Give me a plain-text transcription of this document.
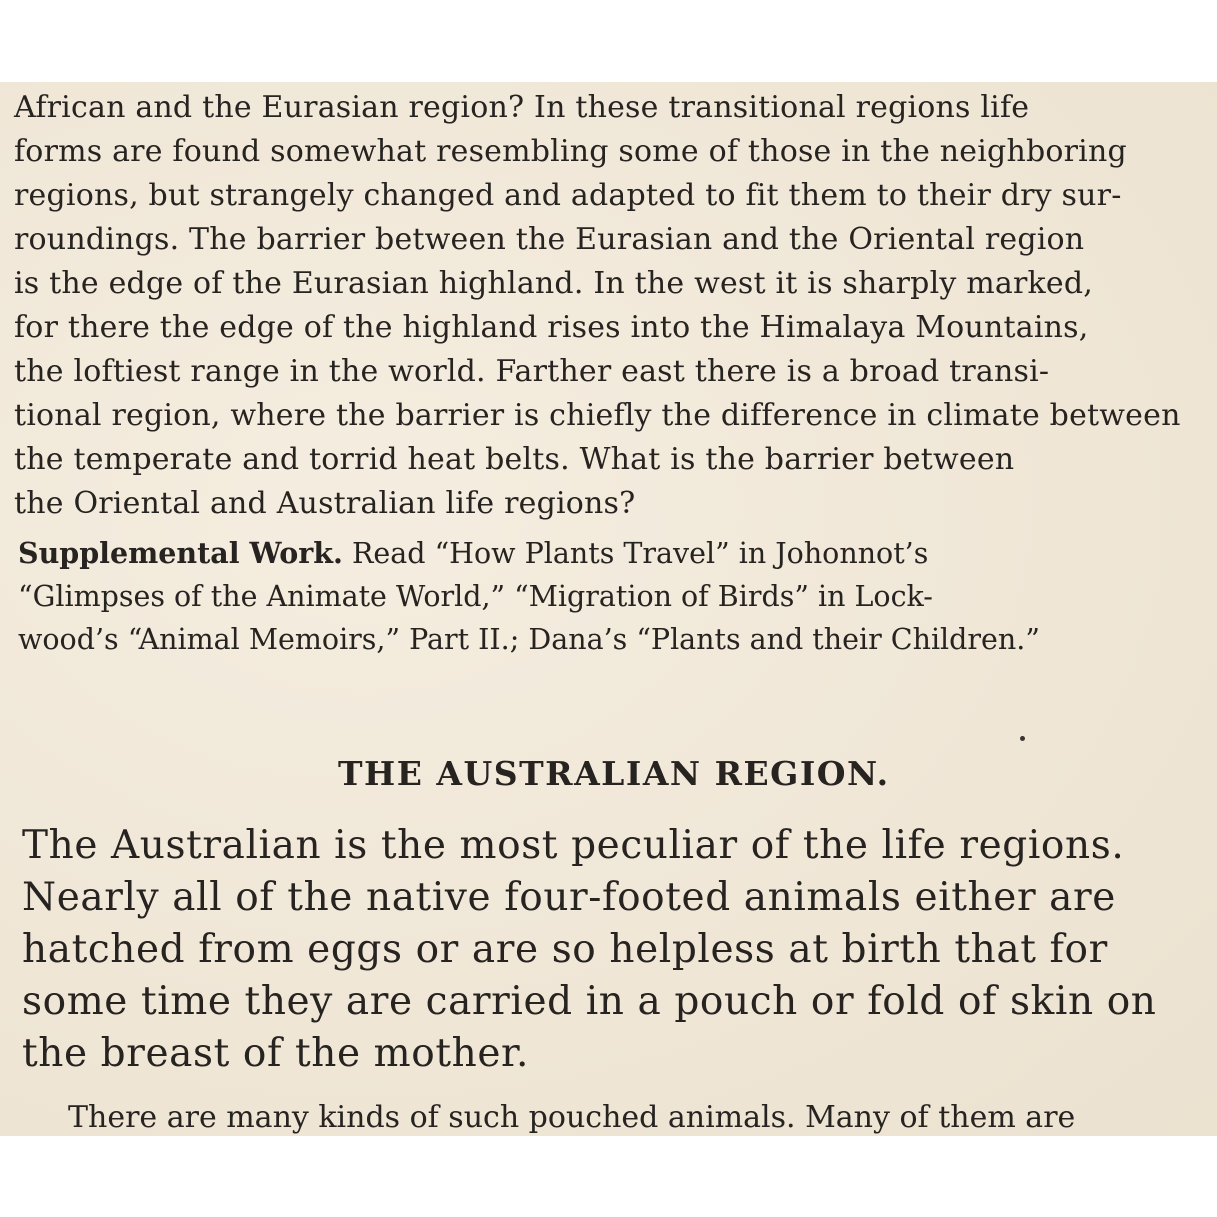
African and the Eurasian region? In these transitional regions life
forms are found somewhat resembling some of those in the neighboring
regions, but strangely changed and adapted to fit them to their dry sur-
roundings. The barrier between the Eurasian and the Oriental region
is the edge of the Eurasian highland. In the west it is sharply marked,
for there the edge of the highland rises into the Himalaya Mountains,
the loftiest range in the world. Farther east there is a broad transi-
tional region, where the barrier is chiefly the difference in climate between
the temperate and torrid heat belts. What is the barrier between
the Oriental and Australian life regions?
Supplemental Work. Read “How Plants Travel” in Johonnot’s
“Glimpses of the Animate World,” “Migration of Birds” in Lock-
wood’s “Animal Memoirs,” Part II.; Dana’s “Plants and their Children.”
THE AUSTRALIAN REGION.
The Australian is the most peculiar of the life regions.
Nearly all of the native four-footed animals either are
hatched from eggs or are so helpless at birth that for
some time they are carried in a pouch or fold of skin on
the breast of the mother.
There are many kinds of such pouched animals. Many of them are
